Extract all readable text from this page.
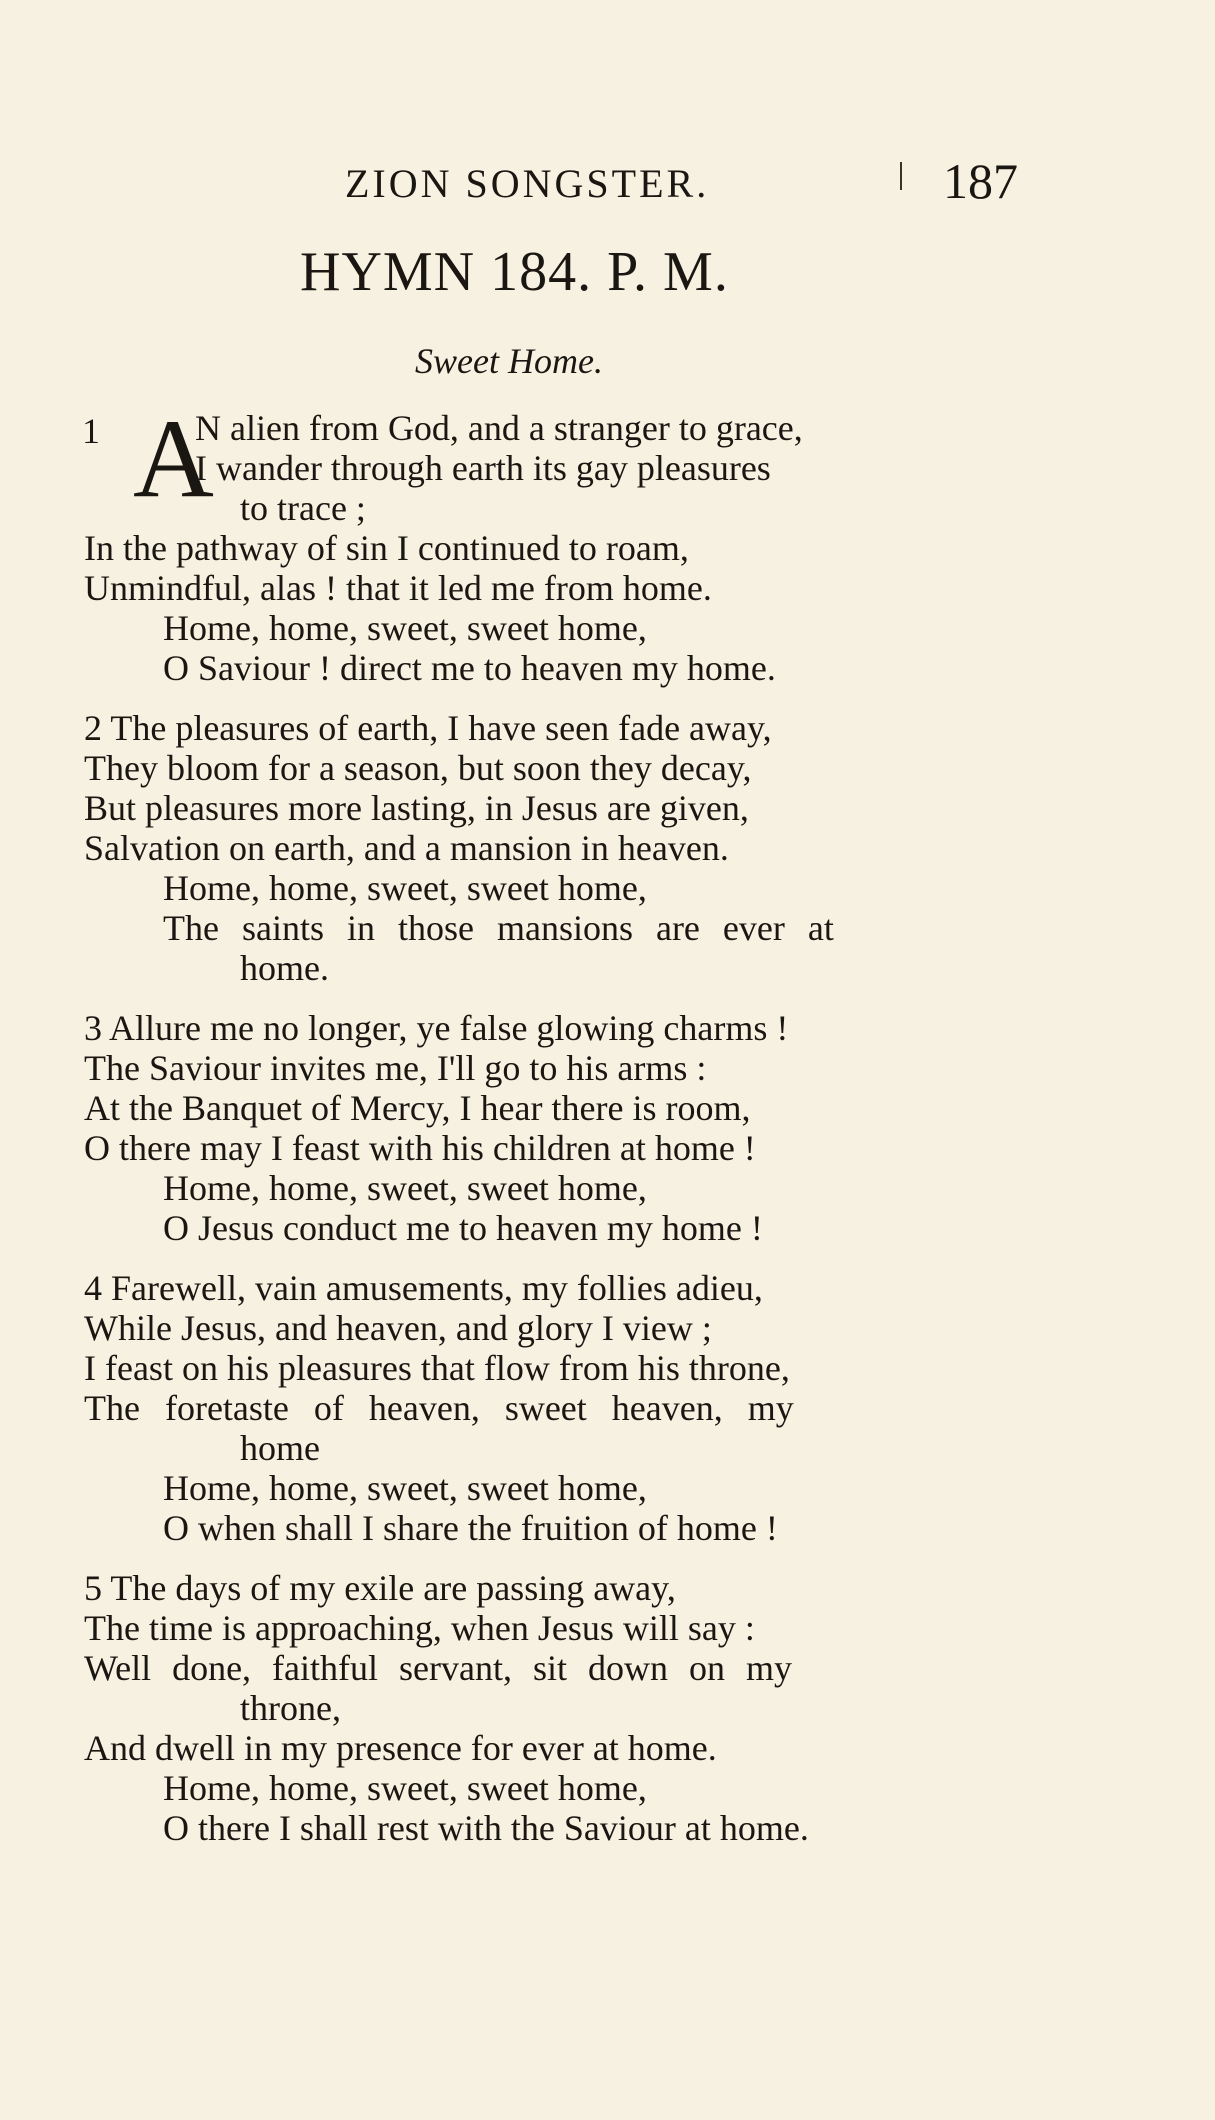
ZION SONGSTER.	187
HYMN 184. P. M.
Sweet Home.
1 A
N alien from God, and a stranger to grace,
I wander through earth its gay pleasures
to trace ;
In the pathway of sin I continued to roam,
Unmindful, alas ! that it led me from home.
Home, home, sweet, sweet home,
O Saviour ! direct me to heaven my home.
2 The pleasures of earth, I have seen fade away,
They bloom for a season, but soon they decay,
But pleasures more lasting, in Jesus are given,
Salvation on earth, and a mansion in heaven.
Home, home, sweet, sweet home,
The saints in those mansions are ever at
home.
3 Allure me no longer, ye false glowing charms !
The Saviour invites me, I'll go to his arms :
At the Banquet of Mercy, I hear there is room,
O there may I feast with his children at home !
Home, home, sweet, sweet home,
O Jesus conduct me to heaven my home !
4 Farewell, vain amusements, my follies adieu,
While Jesus, and heaven, and glory I view ;
I feast on his pleasures that flow from his throne,
The foretaste of heaven, sweet heaven, my
home
Home, home, sweet, sweet home,
O when shall I share the fruition of home !
5 The days of my exile are passing away,
The time is approaching, when Jesus will say :
Well done, faithful servant, sit down on my
throne,
And dwell in my presence for ever at home.
Home, home, sweet, sweet home,
O there I shall rest with the Saviour at home.
